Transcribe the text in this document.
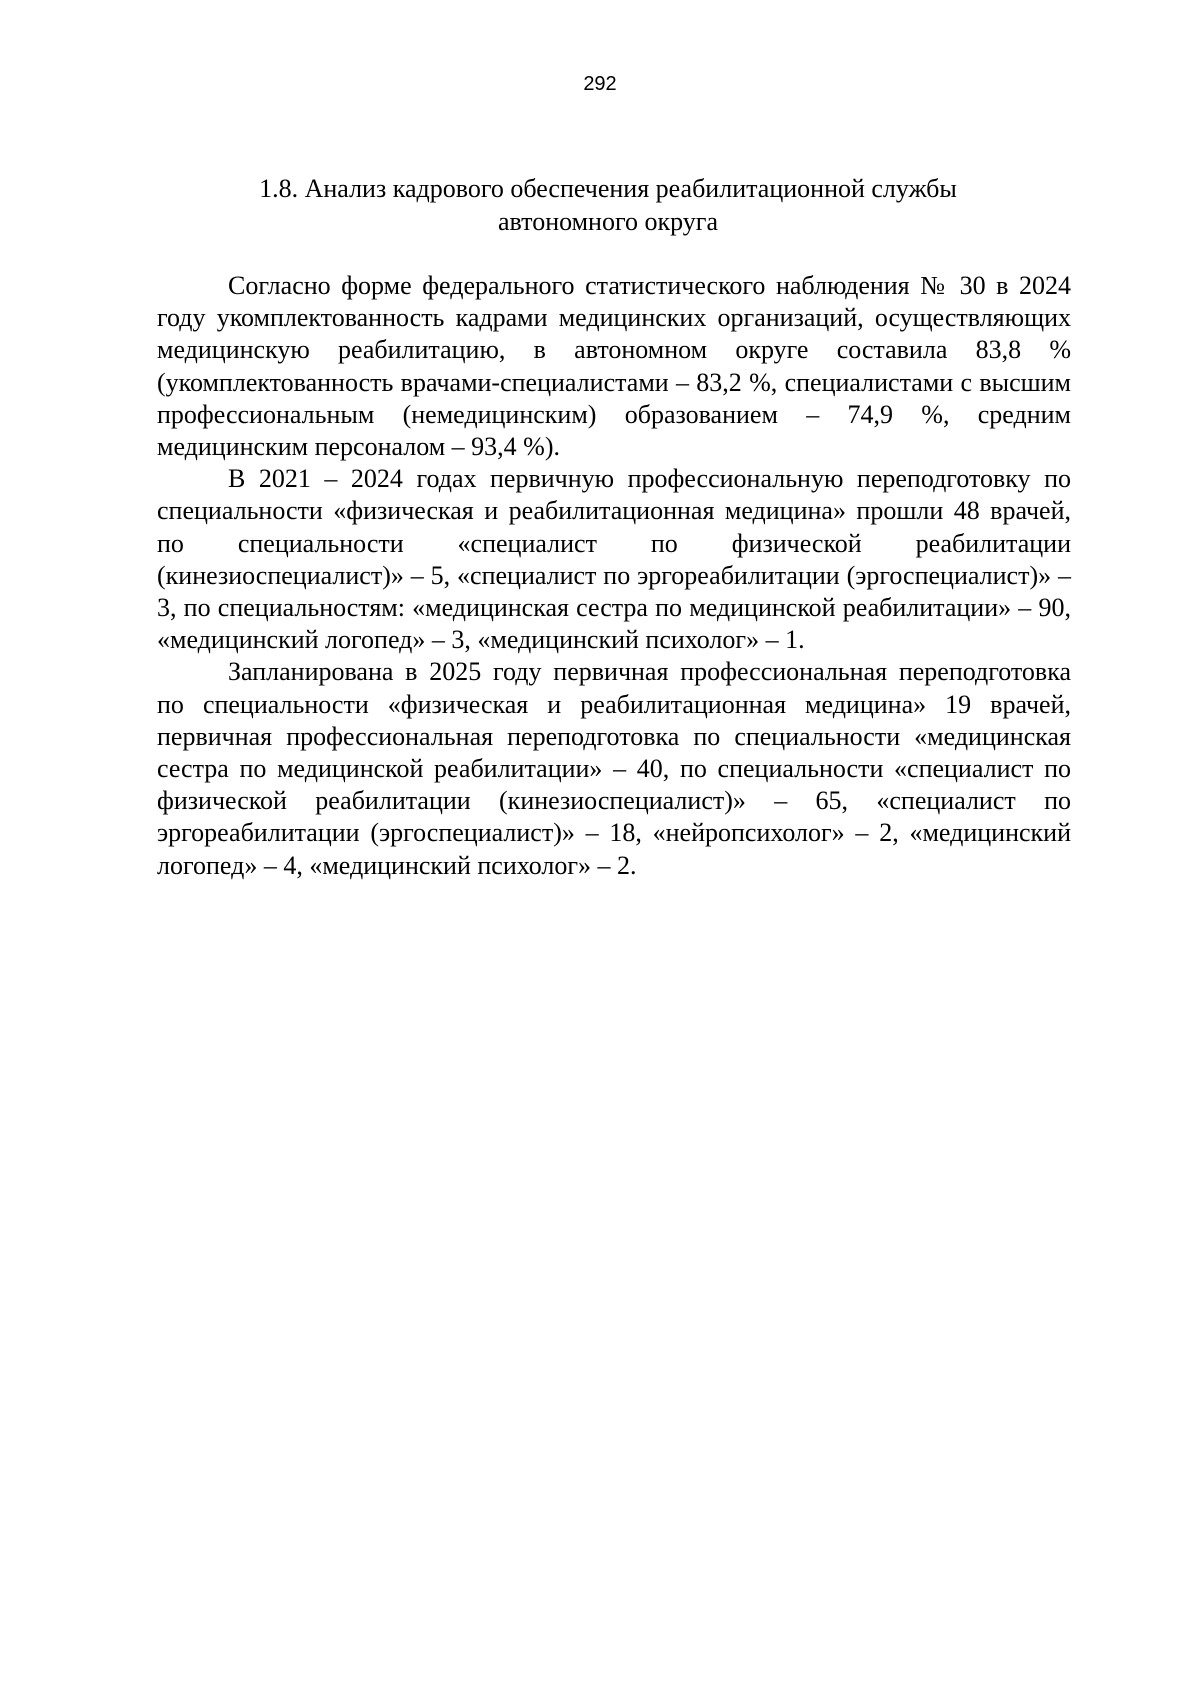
292
1.8. Анализ кадрового обеспечения реабилитационной службы
автономного округа

Согласно форме федерального статистического наблюдения № 30 в 2024 году укомплектованность кадрами медицинских организаций, осуществляющих медицинскую реабилитацию, в автономном округе составила 83,8 % (укомплектованность врачами-специалистами – 83,2 %, специалистами с высшим профессиональным (немедицинским) образованием – 74,9 %, средним медицинским персоналом – 93,4 %).

В 2021 – 2024 годах первичную профессиональную переподготовку по специальности «физическая и реабилитационная медицина» прошли 48 врачей, по специальности «специалист по физической реабилитации (кинезиоспециалист)» – 5, «специалист по эргореабилитации (эргоспециалист)» – 3, по специальностям: «медицинская сестра по медицинской реабилитации» – 90, «медицинский логопед» – 3, «медицинский психолог» – 1.

Запланирована в 2025 году первичная профессиональная переподготовка по специальности «физическая и реабилитационная медицина» 19 врачей, первичная профессиональная переподготовка по специальности «медицинская сестра по медицинской реабилитации» – 40, по специальности «специалист по физической реабилитации (кинезиоспециалист)» – 65, «специалист по эргореабилитации (эргоспециалист)» – 18, «нейропсихолог» – 2, «медицинский логопед» – 4, «медицинский психолог» – 2.
